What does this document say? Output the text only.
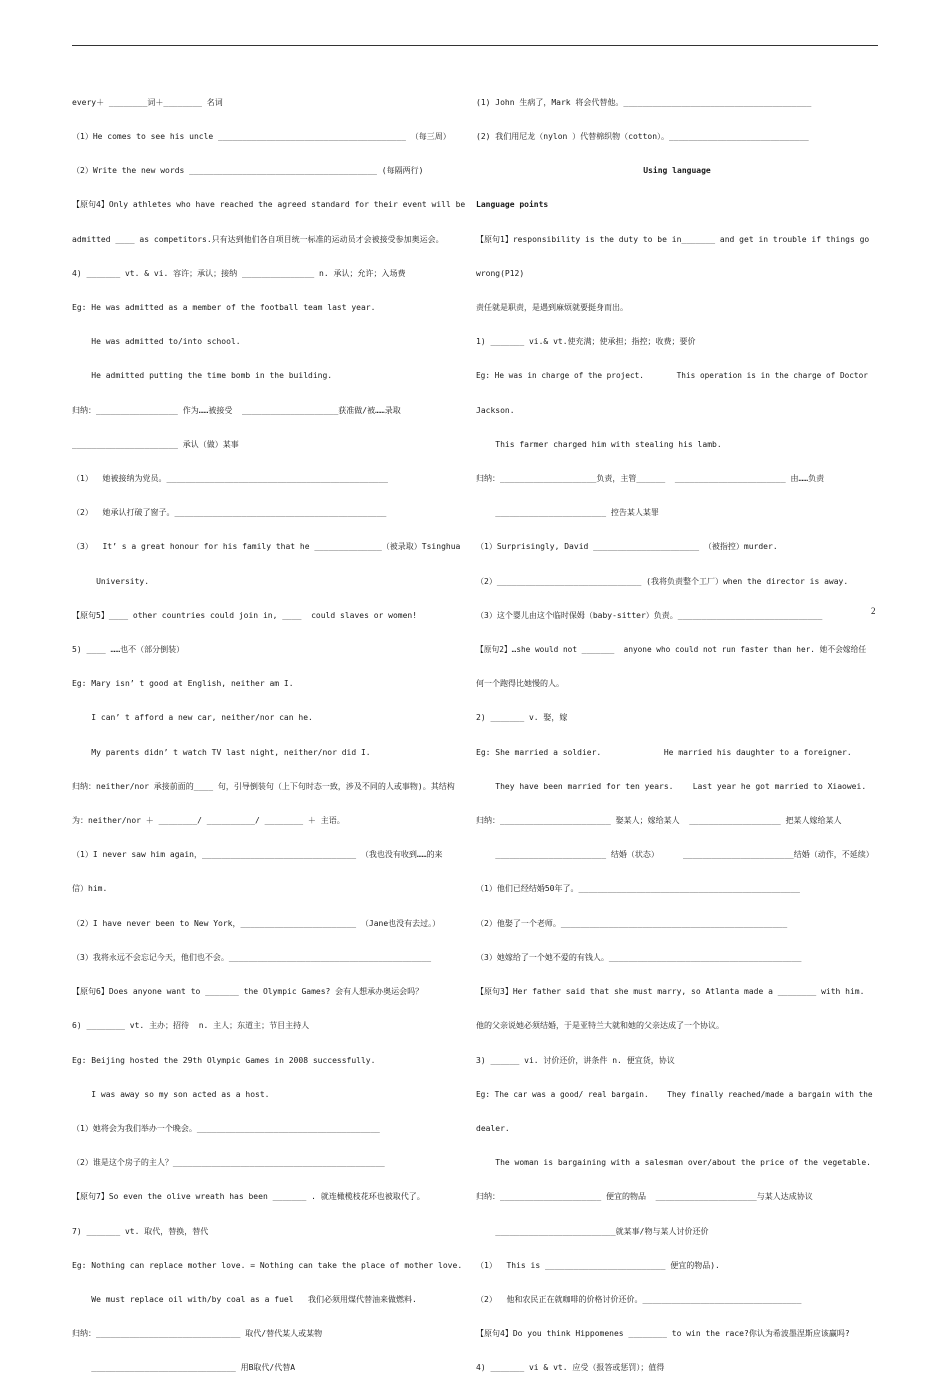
every＋ ________词＋________ 名词

（1）He comes to see his uncle _______________________________________ （每三周）

（2）Write the new words _______________________________________ (每隔两行)

【原句4】Only athletes who have reached the agreed standard for their event will be

admitted ____ as competitors.只有达到他们各自项目统一标准的运动员才会被接受参加奥运会。

4) _______ vt. & vi. 容许；承认；接纳 _______________ n. 承认；允许；入场费

Eg: He was admitted as a member of the football team last year.

He was admitted to/into school.

He admitted putting the time bomb in the building.

归纳：_________________ 作为……被接受  ____________________获准做/被……录取

______________________ 承认（做）某事

（1）  她被接纳为党员。______________________________________________

（2）  她承认打破了窗子。____________________________________________

（3）  It’ s a great honour for his family that he ______________（被录取）Tsinghua

University.

【原句5】____ other countries could join in, ____  could slaves or women!

5) ____ ……也不（部分倒装）

Eg: Mary isn’ t good at English, neither am I.

I can’ t afford a new car, neither/nor can he.

My parents didn’ t watch TV last night, neither/nor did I.

归纳：neither/nor 承接前面的____ 句，引导倒装句（上下句时态一致，涉及不同的人或事物)。其结构

为：neither/nor ＋ ________/ __________/ ________ ＋ 主语。

（1）I never saw him again，________________________________ （我也没有收到……的来

信）him.

（2）I have never been to New York，________________________ （Jane也没有去过。）

（3）我将永远不会忘记今天，他们也不会。__________________________________________

【原句6】Does anyone want to _______ the Olympic Games? 会有人想承办奥运会吗？

6) ________ vt. 主办；招待  n. 主人；东道主；节目主持人

Eg: Beijing hosted the 29th Olympic Games in 2008 successfully.

I was away so my son acted as a host.

（1）她将会为我们举办一个晚会。______________________________________

（2）谁是这个房子的主人？____________________________________________

【原句7】So even the olive wreath has been _______ . 就连橄榄枝花环也被取代了。

7) _______ vt. 取代，替换，替代

Eg: Nothing can replace mother love. = Nothing can take the place of mother love.

We must replace oil with/by coal as a fuel   我们必须用煤代替油来做燃料.

归纳：______________________________ 取代/替代某人或某物

______________________________ 用B取代/代替A

(1) John 生病了，Mark 将会代替他。_______________________________________

(2) 我们用尼龙（nylon ）代替棉织物（cotton）。_____________________________

Using language

Language points

【原句1】responsibility is the duty to be in_______ and get in trouble if things go

wrong(P12)

责任就是职责，是遇到麻烦就要挺身而出。

1) _______ vi.& vt.使充满；使承担；指控；收费；要价

Eg: He was in charge of the project.       This operation is in the charge of Doctor

Jackson.

This farmer charged him with stealing his lamb.

归纳：____________________负责，主管______  _______________________ 由……负责

_______________________ 控告某人某罪

（1）Surprisingly, David ______________________ （被指控）murder.

（2）______________________________ (我将负责整个工厂）when the director is away.

（3）这个婴儿由这个临时保姆（baby-sitter）负责。______________________________

【原句2】…she would not _______  anyone who could not run faster than her. 她不会嫁给任

何一个跑得比她慢的人。

2) _______ v. 娶，嫁

Eg: She married a soldier.             He married his daughter to a foreigner.

They have been married for ten years.    Last year he got married to Xiaowei.

归纳：_______________________ 娶某人；嫁给某人  ___________________ 把某人嫁给某人

_______________________ 结婚（状态）     _______________________结婚（动作，不延续）

（1）他们已经结婚50年了。______________________________________________

（2）他娶了一个老师。_______________________________________________

（3）她嫁给了一个她不爱的有钱人。________________________________________

【原句3】Her father said that she must marry, so Atlanta made a ________ with him.

他的父亲说她必须结婚，于是亚特兰大就和她的父亲达成了一个协议。

3) ______ vi. 讨价还价，讲条件 n. 便宜货，协议

Eg: The car was a good/ real bargain.    They finally reached/made a bargain with the

dealer.

The woman is bargaining with a salesman over/about the price of the vegetable.

归纳：_____________________ 便宜的物品  _____________________与某人达成协议

_________________________就某事/物与某人讨价还价

（1）  This is _________________________ 便宜的物品).

（2）  他和农民正在就咖啡的价格讨价还价。_________________________________

【原句4】Do you think Hippomenes ________ to win the race?你认为希波墨涅斯应该赢吗?

4) _______ vi & vt. 应受（报答或惩罚）；值得

2
